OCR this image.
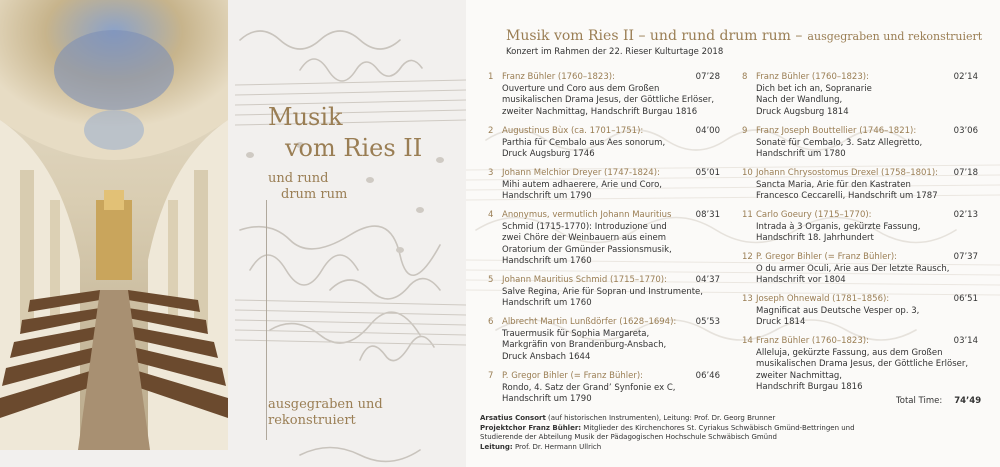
Musik
vom Ries II
und rund
drum rum
ausgegraben und
rekonstruiert
Musik vom Ries II – und rund drum rum – ausgegraben und rekonstruiert
Konzert im Rahmen der 22. Rieser Kulturtage 2018
1	Franz Bühler (1760–1823):	07’28
Ouverture und Coro aus dem Großen
musikalischen Drama Jesus, der Göttliche Erlöser,
zweiter Nachmittag, Handschrift Burgau 1816
2	Augustinus Bùx (ca. 1701–1751):	04’00
Parthia für Cembalo aus Aes sonorum,
Druck Augsburg 1746
3	Johann Melchior Dreyer (1747-1824):	05’01
Mihi autem adhaerere, Arie und Coro,
Handschrift um 1790
4	Anonymus, vermutlich Johann Mauritius	08’31
Schmid (1715-1770): Introduzione und
zwei Chöre der Weinbauern aus einem
Oratorium der Gmünder Passionsmusik,
Handschrift um 1760
5	Johann Mauritius Schmid (1715–1770):	04’37
Salve Regina, Arie für Sopran und Instrumente,
Handschrift um 1760
6	Albrecht Martin Lunßdörfer (1628–1694):	05’53
Trauermusik für Sophia Margareta,
Markgräfin von Brandenburg-Ansbach,
Druck Ansbach 1644
7	P. Gregor Bihler (= Franz Bühler):	06’46
Rondo, 4. Satz der Grand’ Synfonie ex C,
Handschrift um 1790
8	Franz Bühler (1760–1823):	02’14
Dich bet ich an, Sopranarie
Nach der Wandlung,
Druck Augsburg 1814
9	Franz Joseph Bouttellier (1746–1821):	03’06
Sonate für Cembalo, 3. Satz Allegretto,
Handschrift um 1780
10 Johann Chrysostomus Drexel (1758–1801):	07’18
Sancta Maria, Arie für den Kastraten
Francesco Ceccarelli, Handschrift um 1787
11 Carlo Goeury (1715–1770):	02’13
Intrada à 3 Organis, gekürzte Fassung,
Handschrift 18. Jahrhundert
12 P. Gregor Bihler (= Franz Bühler):	07’37
O du armer Oculi, Arie aus Der letzte Rausch,
Handschrift vor 1804
13 Joseph Ohnewald (1781–1856):	06’51
Magnificat aus Deutsche Vesper op. 3,
Druck 1814
14 Franz Bühler (1760–1823):	03’14
Alleluja, gekürzte Fassung, aus dem Großen
musikalischen Drama Jesus, der Göttliche Erlöser,
zweiter Nachmittag,
Handschrift Burgau 1816
Total Time: 74’49
Arsatius Consort (auf historischen Instrumenten), Leitung: Prof. Dr. Georg Brunner
Projektchor Franz Bühler: Mitglieder des Kirchenchores St. Cyriakus Schwäbisch Gmünd-Bettringen und
Studierende der Abteilung Musik der Pädagogischen Hochschule Schwäbisch Gmünd
Leitung: Prof. Dr. Hermann Ullrich
